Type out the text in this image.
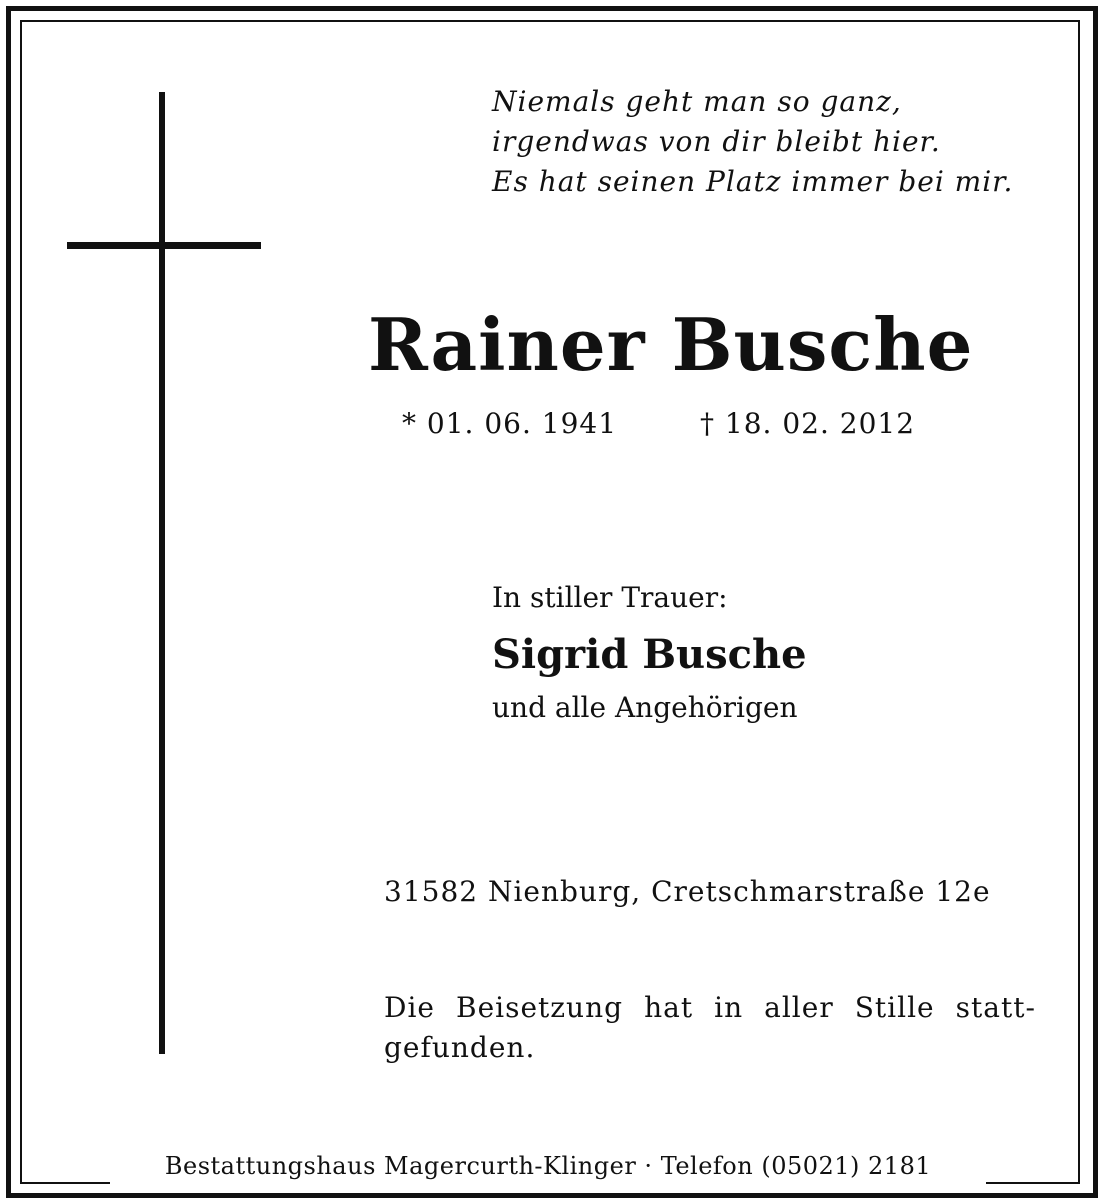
Niemals geht man so ganz,
irgendwas von dir bleibt hier.
Es hat seinen Platz immer bei mir.
Rainer Busche
* 01. 06. 1941	† 18. 02. 2012
In stiller Trauer:
Sigrid Busche
und alle Angehörigen
31582 Nienburg, Cretschmarstraße 12e
Die Beisetzung hat in aller Stille statt-
gefunden.
Bestattungshaus Magercurth-Klinger · Telefon (05021) 2181
